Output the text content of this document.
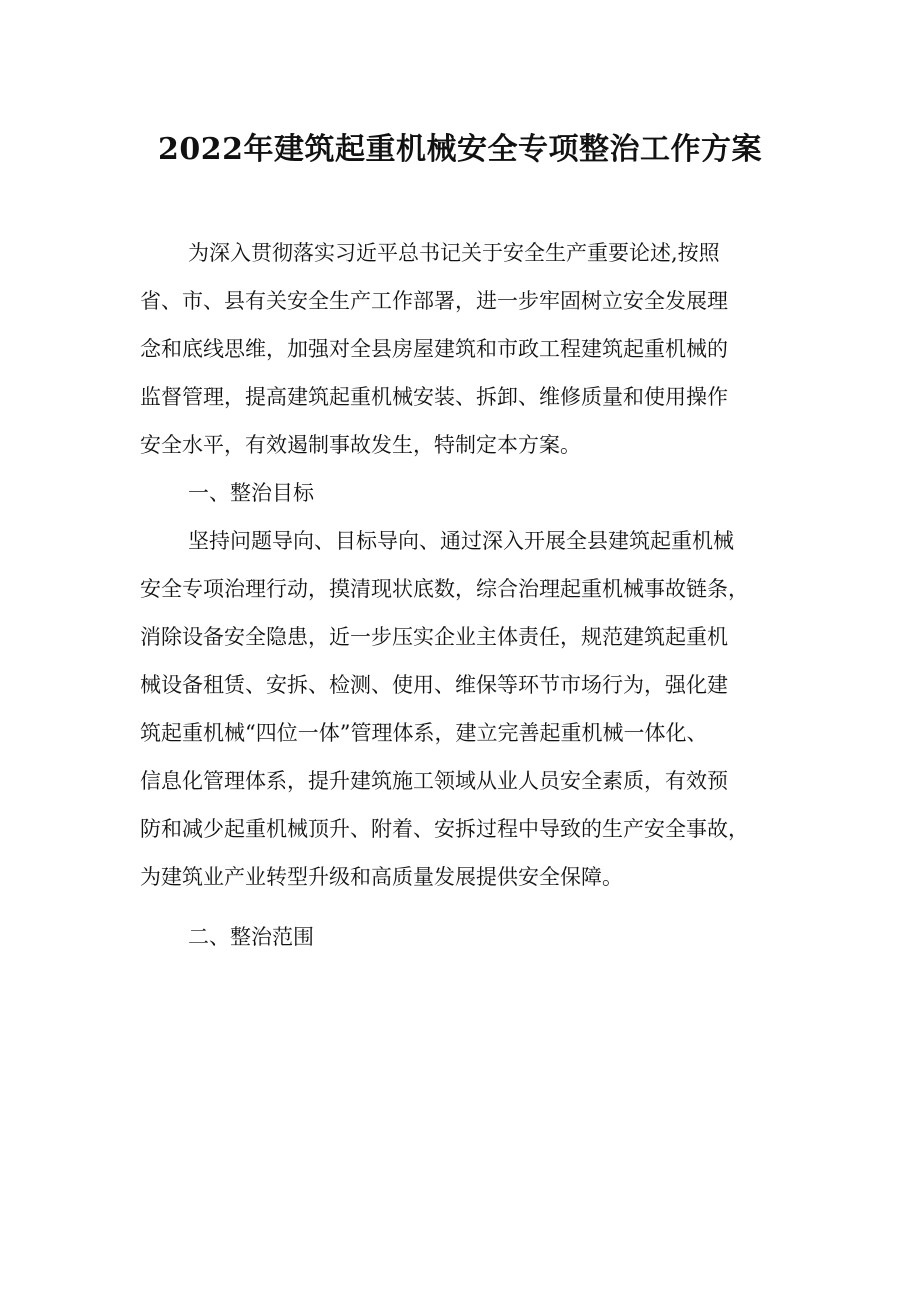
2022年建筑起重机械安全专项整治工作方案
为深入贯彻落实习近平总书记关于安全生产重要论述,按照
省、市、县有关安全生产工作部署，进一步牢固树立安全发展理
念和底线思维，加强对全县房屋建筑和市政工程建筑起重机械的
监督管理，提高建筑起重机械安装、拆卸、维修质量和使用操作
安全水平，有效遏制事故发生，特制定本方案。
一、整治目标
坚持问题导向、目标导向、通过深入开展全县建筑起重机械
安全专项治理行动，摸清现状底数，综合治理起重机械事故链条，
消除设备安全隐患，近一步压实企业主体责任，规范建筑起重机
械设备租赁、安拆、检测、使用、维保等环节市场行为，强化建
筑起重机械“四位一体”管理体系，建立完善起重机械一体化、
信息化管理体系，提升建筑施工领域从业人员安全素质，有效预
防和减少起重机械顶升、附着、安拆过程中导致的生产安全事故，
为建筑业产业转型升级和高质量发展提供安全保障。
二、整治范围
